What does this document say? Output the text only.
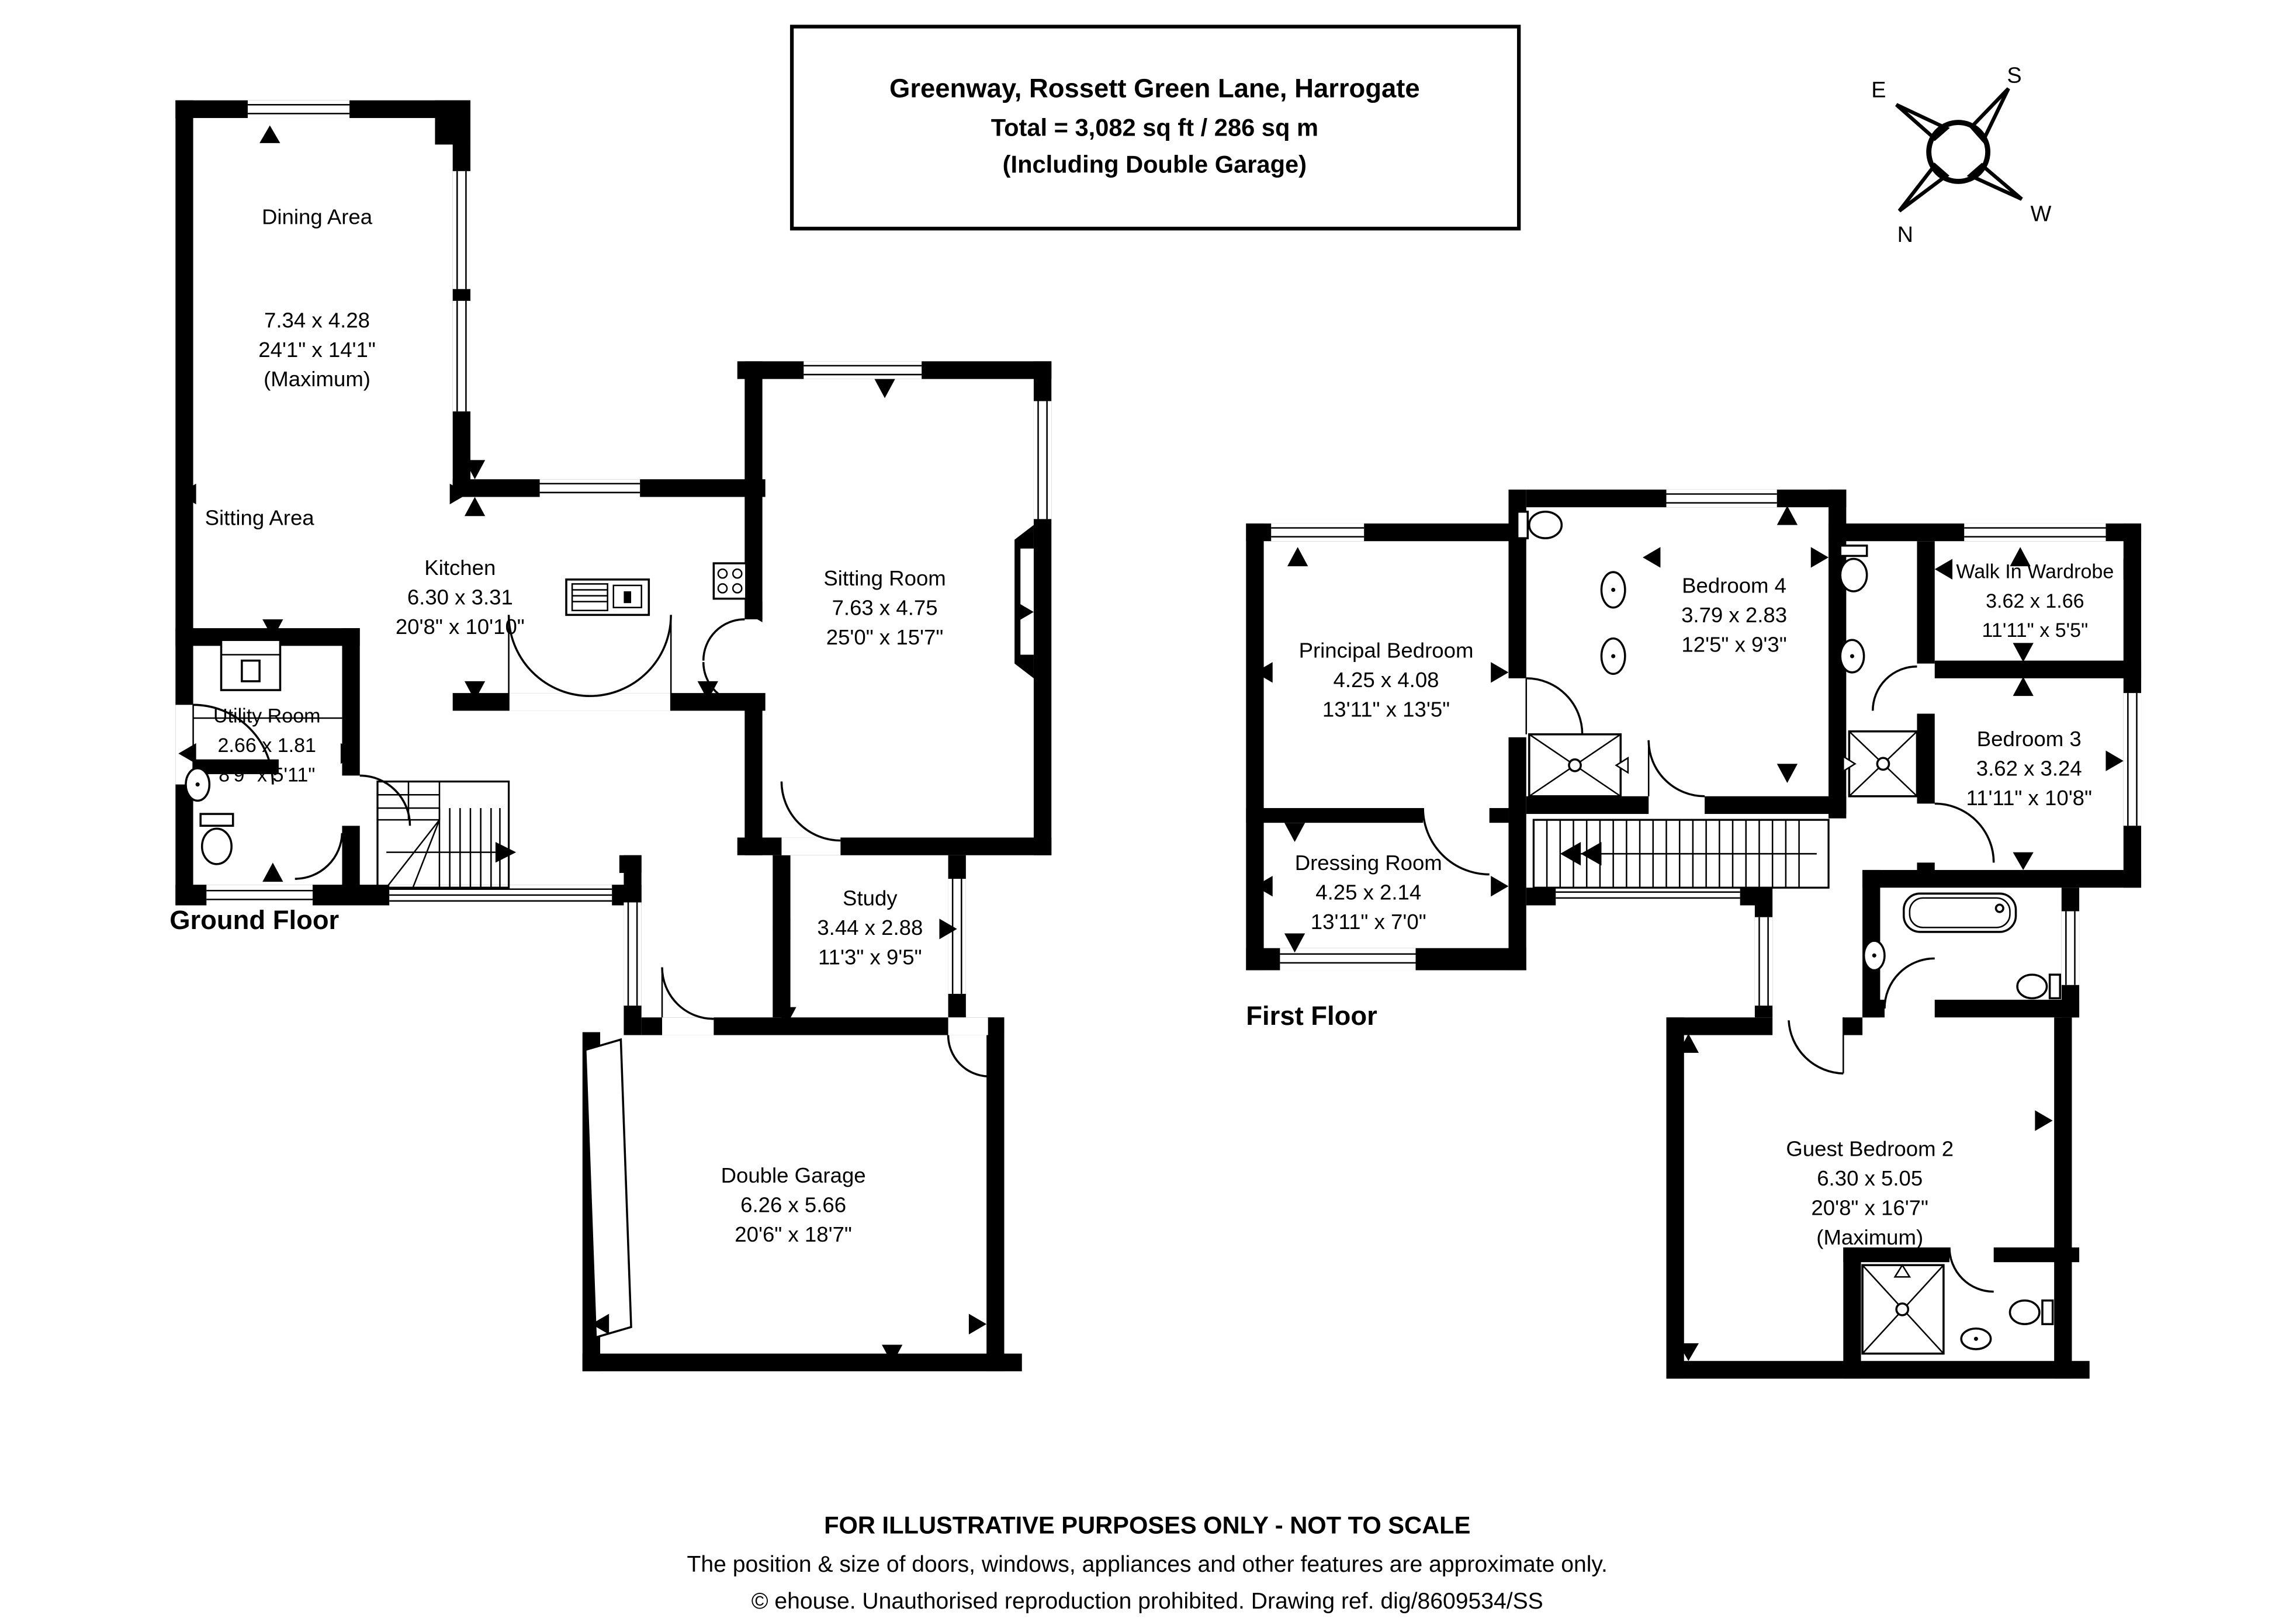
Greenway, Rossett Green Lane, Harrogate
Total = 3,082 sq ft / 286 sq m
(Including Double Garage)
S
E
W
N
Dining Area
7.34 x 4.28
24'1" x 14'1"
(Maximum)
Sitting Area
Kitchen
6.30 x 3.31
20'8" x 10'10"
Utility Room
2.66 x 1.81
8'9" x 5'11"
Sitting Room
7.63 x 4.75
25'0" x 15'7"
Study
3.44 x 2.88
11'3" x 9'5"
Double Garage
6.26 x 5.66
20'6" x 18'7"
Ground Floor
Principal Bedroom
4.25 x 4.08
13'11" x 13'5"
Bedroom 4
3.79 x 2.83
12'5" x 9'3"
Walk In Wardrobe
3.62 x 1.66
11'11" x 5'5"
Bedroom 3
3.62 x 3.24
11'11" x 10'8"
Dressing Room
4.25 x 2.14
13'11" x 7'0"
Guest Bedroom 2
6.30 x 5.05
20'8" x 16'7"
(Maximum)
First Floor
FOR ILLUSTRATIVE PURPOSES ONLY - NOT TO SCALE
The position & size of doors, windows, appliances and other features are approximate only.
© ehouse. Unauthorised reproduction prohibited. Drawing ref. dig/8609534/SS
